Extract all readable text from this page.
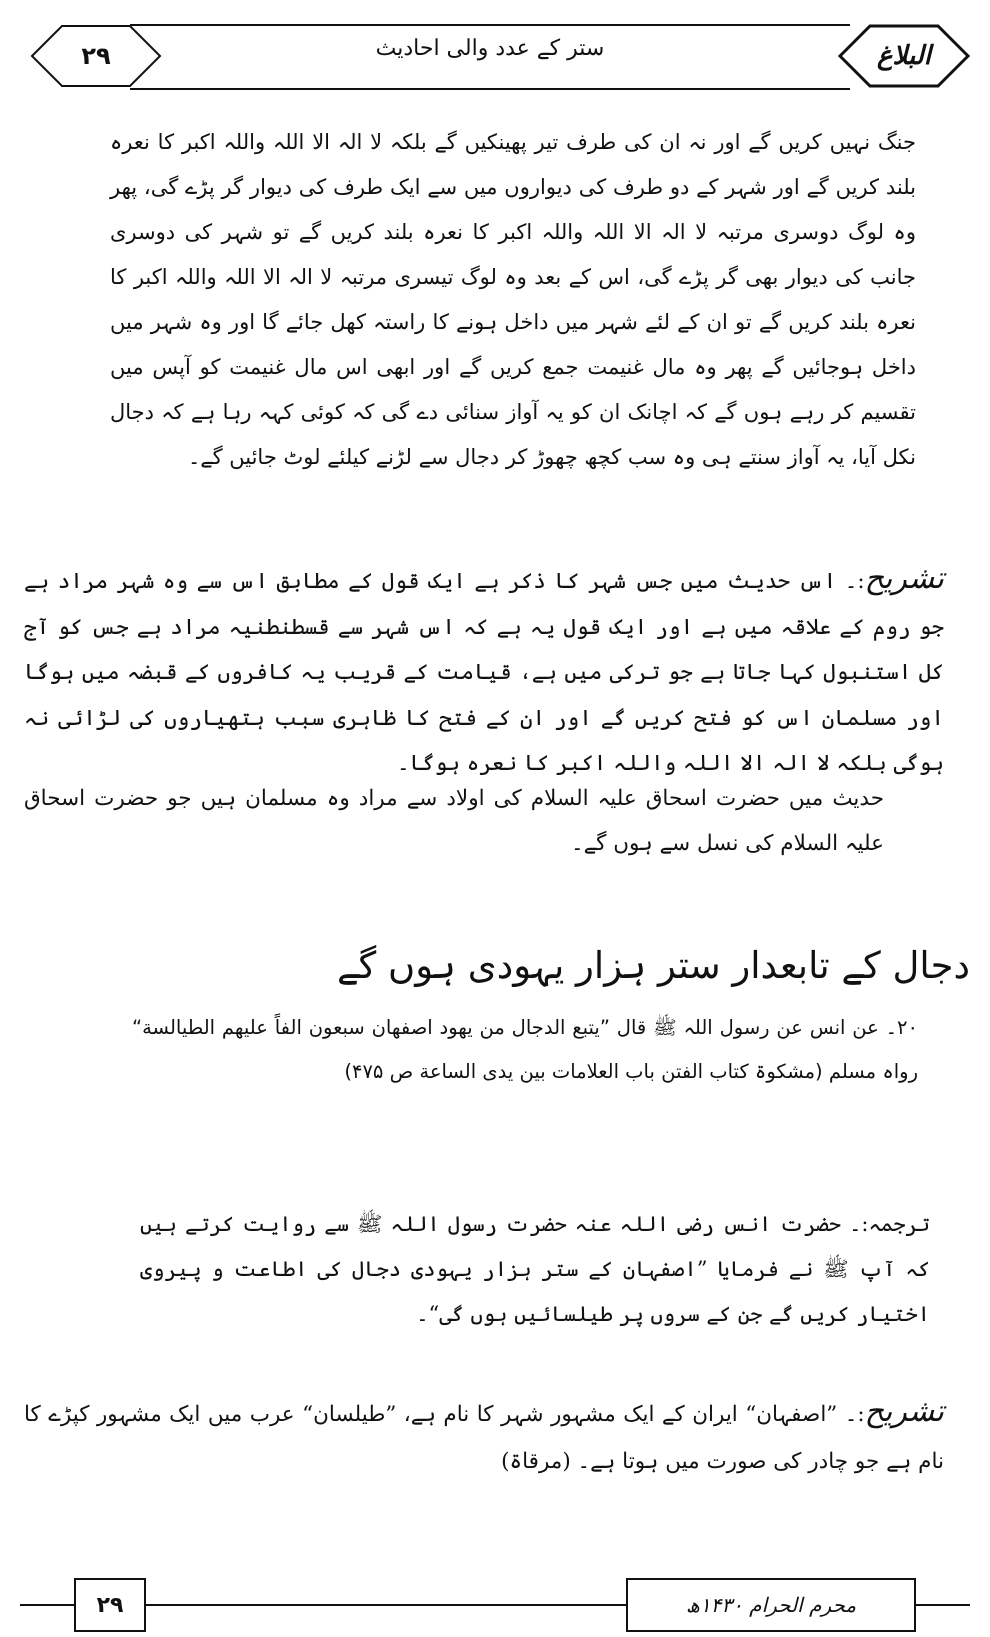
۲۹	ستر کے عدد والی احادیث	البلاغ

جنگ نہیں کریں گے اور نہ ان کی طرف تیر پھینکیں گے بلکہ لا الہ الا اللہ واللہ اکبر کا نعرہ بلند کریں گے اور شہر کے دو طرف کی دیواروں میں سے ایک طرف کی دیوار گر پڑے گی، پھر وہ لوگ دوسری مرتبہ لا الہ الا اللہ واللہ اکبر کا نعرہ بلند کریں گے تو شہر کی دوسری جانب کی دیوار بھی گر پڑے گی، اس کے بعد وہ لوگ تیسری مرتبہ لا الہ الا اللہ واللہ اکبر کا نعرہ بلند کریں گے تو ان کے لئے شہر میں داخل ہونے کا راستہ کھل جائے گا اور وہ شہر میں داخل ہوجائیں گے پھر وہ مال غنیمت جمع کریں گے اور ابھی اس مال غنیمت کو آپس میں تقسیم کر رہے ہوں گے کہ اچانک ان کو یہ آواز سنائی دے گی کہ کوئی کہہ رہا ہے کہ دجال نکل آیا، یہ آواز سنتے ہی وہ سب کچھ چھوڑ کر دجال سے لڑنے کیلئے لوٹ جائیں گے۔

تشریح:۔ اس حدیث میں جس شہر کا ذکر ہے ایک قول کے مطابق اس سے وہ شہر مراد ہے جو روم کے علاقہ میں ہے اور ایک قول یہ ہے کہ اس شہر سے قسطنطنیہ مراد ہے جس کو آج کل استنبول کہا جاتا ہے جو ترکی میں ہے، قیامت کے قریب یہ کافروں کے قبضہ میں ہوگا اور مسلمان اس کو فتح کریں گے اور ان کے فتح کا ظاہری سبب ہتھیاروں کی لڑائی نہ ہوگی بلکہ لا الہ الا اللہ واللہ اکبر کا نعرہ ہوگا۔

حدیث میں حضرت اسحاق علیہ السلام کی اولاد سے مراد وہ مسلمان ہیں جو حضرت اسحاق علیہ السلام کی نسل سے ہوں گے۔

دجال کے تابعدار ستر ہزار یہودی ہوں گے

۲۰۔ عن انس عن رسول اللہ ﷺ قال ”یتبع الدجال من یهود اصفهان سبعون الفاً علیهم الطیالسة“ رواہ مسلم (مشکوۃ کتاب الفتن باب العلامات بین یدی الساعة ص ۴۷۵)

ترجمہ:۔ حضرت انس رضی اللہ عنہ حضرت رسول اللہ ﷺ سے روایت کرتے ہیں کہ آپ ﷺ نے فرمایا ”اصفہان کے ستر ہزار یہودی دجال کی اطاعت و پیروی اختیار کریں گے جن کے سروں پر طیلسائیں ہوں گی“۔

تشریح:۔ ”اصفہان“ ایران کے ایک مشہور شہر کا نام ہے، ”طیلسان“ عرب میں ایک مشہور کپڑے کا نام ہے جو چادر کی صورت میں ہوتا ہے۔ (مرقاۃ)

۲۹	محرم الحرام ۱۴۳۰ھ
